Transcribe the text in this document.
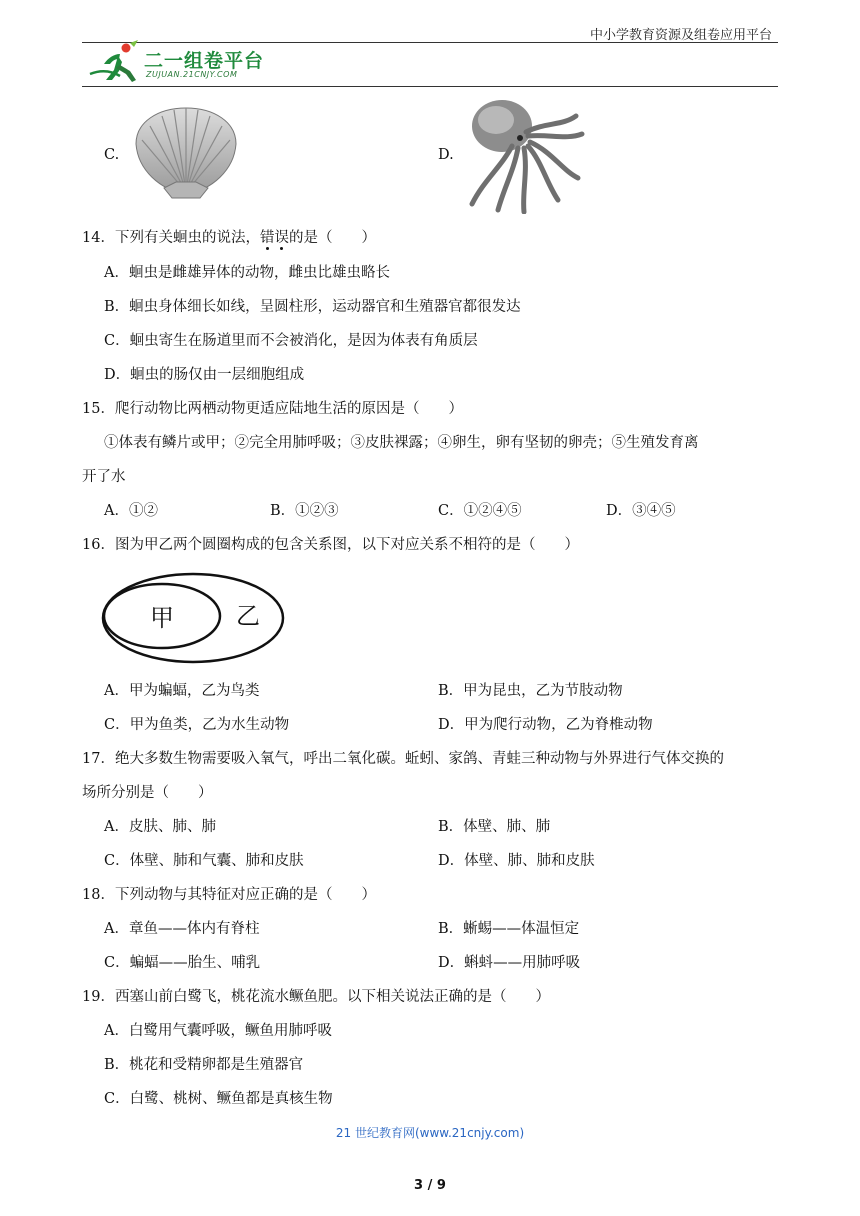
中小学教育资源及组卷应用平台
二一组卷平台
ZUJUAN.21CNJY.COM
C.	D.
14．下列有关蛔虫的说法，错误的是（　　）
A．蛔虫是雌雄异体的动物，雌虫比雄虫略长
B．蛔虫身体细长如线，呈圆柱形，运动器官和生殖器官都很发达
C．蛔虫寄生在肠道里而不会被消化，是因为体表有角质层
D．蛔虫的肠仅由一层细胞组成
15．爬行动物比两栖动物更适应陆地生活的原因是（　　）
①体表有鳞片或甲；②完全用肺呼吸；③皮肤裸露；④卵生，卵有坚韧的卵壳；⑤生殖发育离
开了水
A．①②	B．①②③	C．①②④⑤	D．③④⑤
16．图为甲乙两个圆圈构成的包含关系图，以下对应关系不相符的是（　　）
甲	乙
A．甲为蝙蝠，乙为鸟类	B．甲为昆虫，乙为节肢动物
C．甲为鱼类，乙为水生动物	D．甲为爬行动物，乙为脊椎动物
17．绝大多数生物需要吸入氧气，呼出二氧化碳。蚯蚓、家鸽、青蛙三种动物与外界进行气体交换的
场所分别是（　　）
A．皮肤、肺、肺	B．体壁、肺、肺
C．体壁、肺和气囊、肺和皮肤	D．体壁、肺、肺和皮肤
18．下列动物与其特征对应正确的是（　　）
A．章鱼——体内有脊柱	B．蜥蜴——体温恒定
C．蝙蝠——胎生、哺乳	D．蝌蚪——用肺呼吸
19．西塞山前白鹭飞，桃花流水鳜鱼肥。以下相关说法正确的是（　　）
A．白鹭用气囊呼吸，鳜鱼用肺呼吸
B．桃花和受精卵都是生殖器官
C．白鹭、桃树、鳜鱼都是真核生物
21 世纪教育网(www.21cnjy.com)
3 / 9
